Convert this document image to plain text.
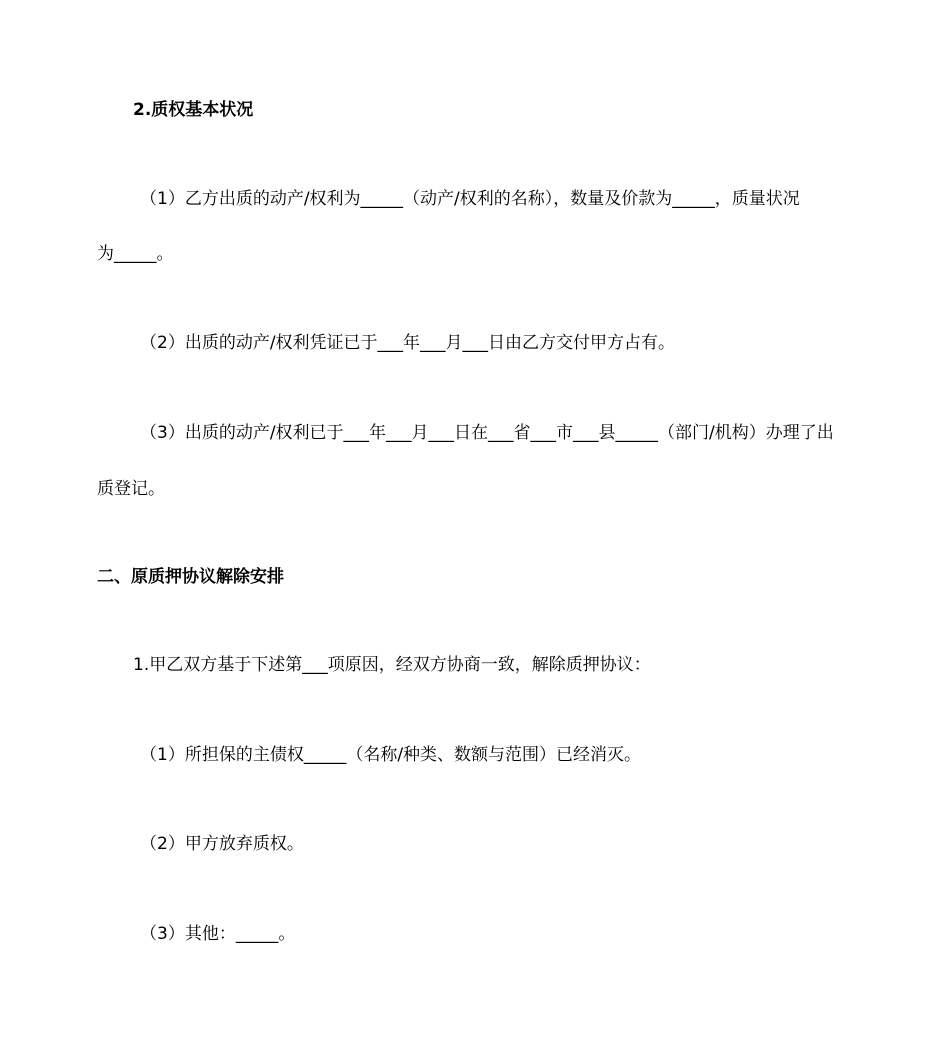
2.质权基本状况
（1）乙方出质的动产/权利为_____（动产/权利的名称），数量及价款为_____，质量状况
为_____。
（2）出质的动产/权利凭证已于___年___月___日由乙方交付甲方占有。
（3）出质的动产/权利已于___年___月___日在___省___市___县_____（部门/机构）办理了出
质登记。
二、原质押协议解除安排
1.甲乙双方基于下述第___项原因，经双方协商一致，解除质押协议：
（1）所担保的主债权_____（名称/种类、数额与范围）已经消灭。
（2）甲方放弃质权。
（3）其他：_____。
